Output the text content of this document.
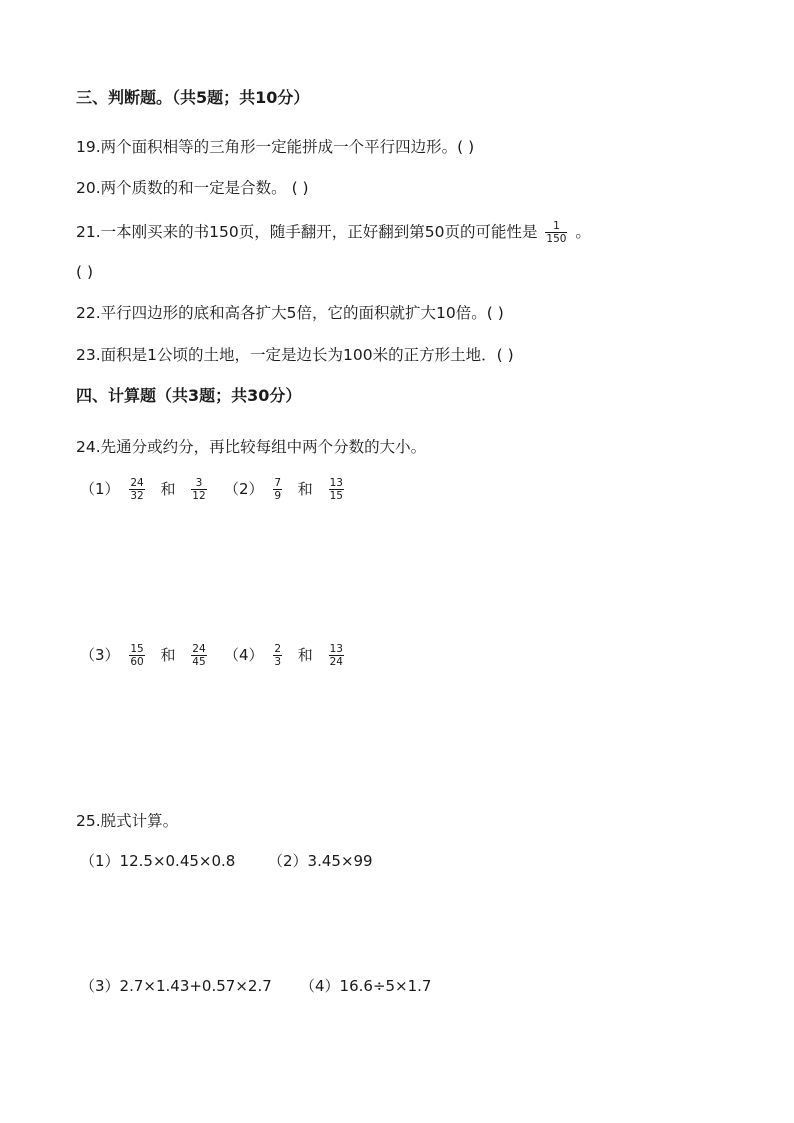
三、判断题。（共5题；共10分）
19.两个面积相等的三角形一定能拼成一个平行四边形。( )
20.两个质数的和一定是合数。 ( )
21.一本刚买来的书150页，随手翻开，正好翻到第50页的可能性是 $\frac{1}{150}$ 。
( )
22.平行四边形的底和高各扩大5倍，它的面积就扩大10倍。( )
23.面积是1公顷的土地，一定是边长为100米的正方形土地．( )
四、计算题（共3题；共30分）
24.先通分或约分，再比较每组中两个分数的大小。
$(1) \frac{24}{32}$ 和 $\frac{3}{12} (2) \frac{7}{9}$ 和 $\frac{13}{15}$
$(3) \frac{15}{60}$ 和 $\frac{24}{45} (4) \frac{2}{3}$ 和 $\frac{13}{24}$
25.脱式计算。
（1）12.5×0.45×0.8 （2）3.45×99
（3）2.7×1.43+0.57×2.7 （4）16.6÷5×1.7
